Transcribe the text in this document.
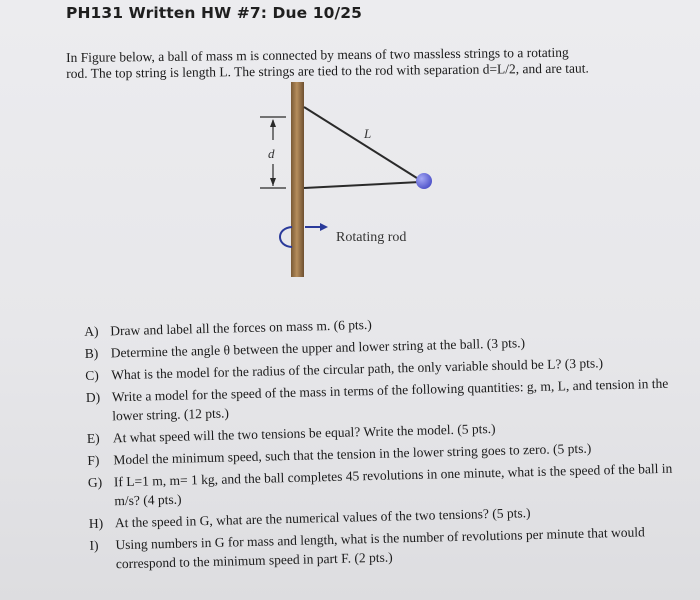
PH131 Written HW #7: Due 10/25
In Figure below, a ball of mass m is connected by means of two massless strings to a rotating
rod. The top string is length L. The strings are tied to the rod with separation d=L/2, and are taut.
d
L
Rotating rod
A) Draw and label all the forces on mass m. (6 pts.)
B) Determine the angle θ between the upper and lower string at the ball. (3 pts.)
C) What is the model for the radius of the circular path, the only variable should be L? (3 pts.)
D) Write a model for the speed of the mass in terms of the following quantities: g, m, L, and tension in the lower string. (12 pts.)
E) At what speed will the two tensions be equal? Write the model. (5 pts.)
F) Model the minimum speed, such that the tension in the lower string goes to zero. (5 pts.)
G) If L=1 m, m= 1 kg, and the ball completes 45 revolutions in one minute, what is the speed of the ball in m/s? (4 pts.)
H) At the speed in G, what are the numerical values of the two tensions? (5 pts.)
I) Using numbers in G for mass and length, what is the number of revolutions per minute that would correspond to the minimum speed in part F. (2 pts.)
